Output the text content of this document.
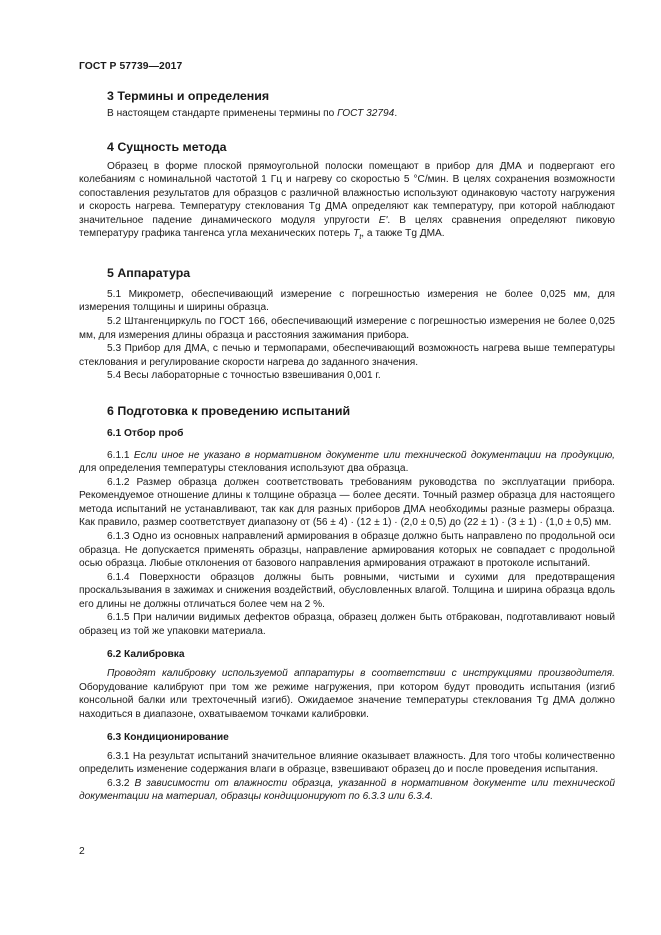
ГОСТ Р 57739—2017
3 Термины и определения

В настоящем стандарте применены термины по ГОСТ 32794.

4 Сущность метода

Образец в форме плоской прямоугольной полоски помещают в прибор для ДМА и подвергают его колебаниям с номинальной частотой 1 Гц и нагреву со скоростью 5 °С/мин. В целях сохранения возможности сопоставления результатов для образцов с различной влажностью используют одинаковую частоту нагружения и скорость нагрева. Температуру стеклования Tg ДМА определяют как температуру, при которой наблюдают значительное падение динамического модуля упругости E'. В целях сравнения определяют пиковую температуру графика тангенса угла механических потерь $T_t$, а также Tg ДМА.

5 Аппаратура

5.1 Микрометр, обеспечивающий измерение с погрешностью измерения не более 0,025 мм, для измерения толщины и ширины образца.

5.2 Штангенциркуль по ГОСТ 166, обеспечивающий измерение с погрешностью измерения не более 0,025 мм, для измерения длины образца и расстояния зажимания прибора.

5.3 Прибор для ДМА, с печью и термопарами, обеспечивающий возможность нагрева выше температуры стеклования и регулирование скорости нагрева до заданного значения.

5.4 Весы лабораторные с точностью взвешивания 0,001 г.

6 Подготовка к проведению испытаний
6.1 Отбор проб

6.1.1 Если иное не указано в нормативном документе или технической документации на продукцию, для определения температуры стеклования используют два образца.

6.1.2 Размер образца должен соответствовать требованиям руководства по эксплуатации прибора. Рекомендуемое отношение длины к толщине образца — более десяти. Точный размер образца для настоящего метода испытаний не устанавливают, так как для разных приборов ДМА необходимы разные размеры образца. Как правило, размер соответствует диапазону от (56 ± 4) · (12 ± 1) · (2,0 ± 0,5) до (22 ± 1) · (3 ± 1) · (1,0 ± 0,5) мм.

6.1.3 Одно из основных направлений армирования в образце должно быть направлено по продольной оси образца. Не допускается применять образцы, направление армирования которых не совпадает с продольной осью образца. Любые отклонения от базового направления армирования отражают в протоколе испытаний.

6.1.4 Поверхности образцов должны быть ровными, чистыми и сухими для предотвращения проскальзывания в зажимах и снижения воздействий, обусловленных влагой. Толщина и ширина образца вдоль его длины не должны отличаться более чем на 2 %.

6.1.5 При наличии видимых дефектов образца, образец должен быть отбракован, подготавливают новый образец из той же упаковки материала.

6.2 Калибровка

Проводят калибровку используемой аппаратуры в соответствии с инструкциями производителя. Оборудование калибруют при том же режиме нагружения, при котором будут проводить испытания (изгиб консольной балки или трехточечный изгиб). Ожидаемое значение температуры стеклования Tg ДМА должно находиться в диапазоне, охватываемом точками калибровки.

6.3 Кондиционирование

6.3.1 На результат испытаний значительное влияние оказывает влажность. Для того чтобы количественно определить изменение содержания влаги в образце, взвешивают образец до и после проведения испытания.

6.3.2 В зависимости от влажности образца, указанной в нормативном документе или технической документации на материал, образцы кондиционируют по 6.3.3 или 6.3.4.

2
